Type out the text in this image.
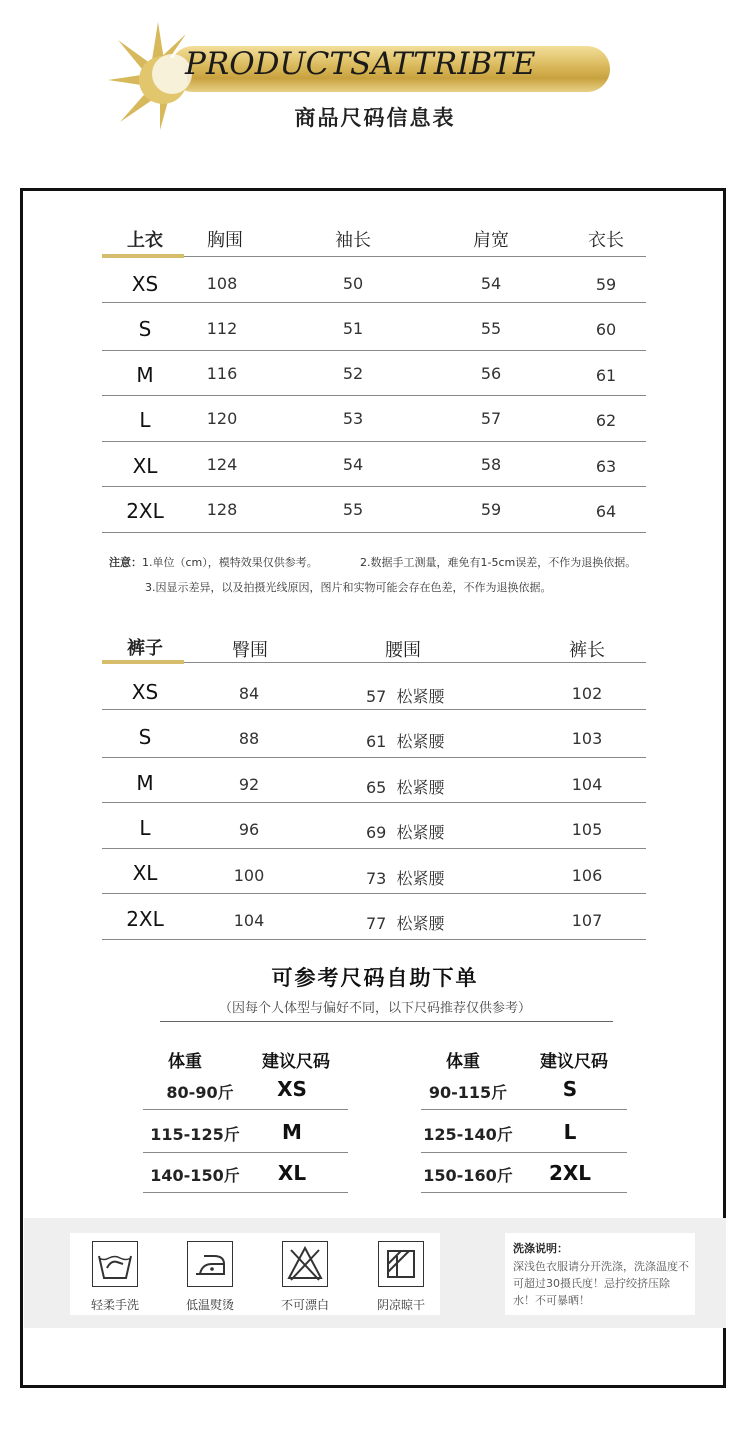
PRODUCTSATTRIBTE
商品尺码信息表
上衣	胸围	袖长	肩宽	衣长
XS	108	50	54	59
S	112	51	55	60
M	116	52	56	61
L	120	53	57	62
XL	124	54	58	63
2XL	128	55	59	64
注意：1.单位（cm），模特效果仅供参考。	2.数据手工测量，难免有1-5cm误差，不作为退换依据。
3.因显示差异，以及拍摄光线原因，图片和实物可能会存在色差，不作为退换依据。
裤子	臀围	腰围	裤长
XS	84	57  松紧腰	102
S	88	61  松紧腰	103
M	92	65  松紧腰	104
L	96	69  松紧腰	105
XL	100	73  松紧腰	106
2XL	104	77  松紧腰	107
可参考尺码自助下单
（因每个人体型与偏好不同，以下尺码推荐仅供参考）
体重	建议尺码
80-90斤	XS
115-125斤	M
140-150斤	XL
体重	建议尺码
90-115斤	S
125-140斤	L
150-160斤	2XL
轻柔手洗	低温熨烫	不可漂白	阴凉晾干
洗涤说明：
深浅色衣服请分开洗涤，洗涤温度不可超过30摄氏度！忌拧绞挤压除水！不可暴晒！
